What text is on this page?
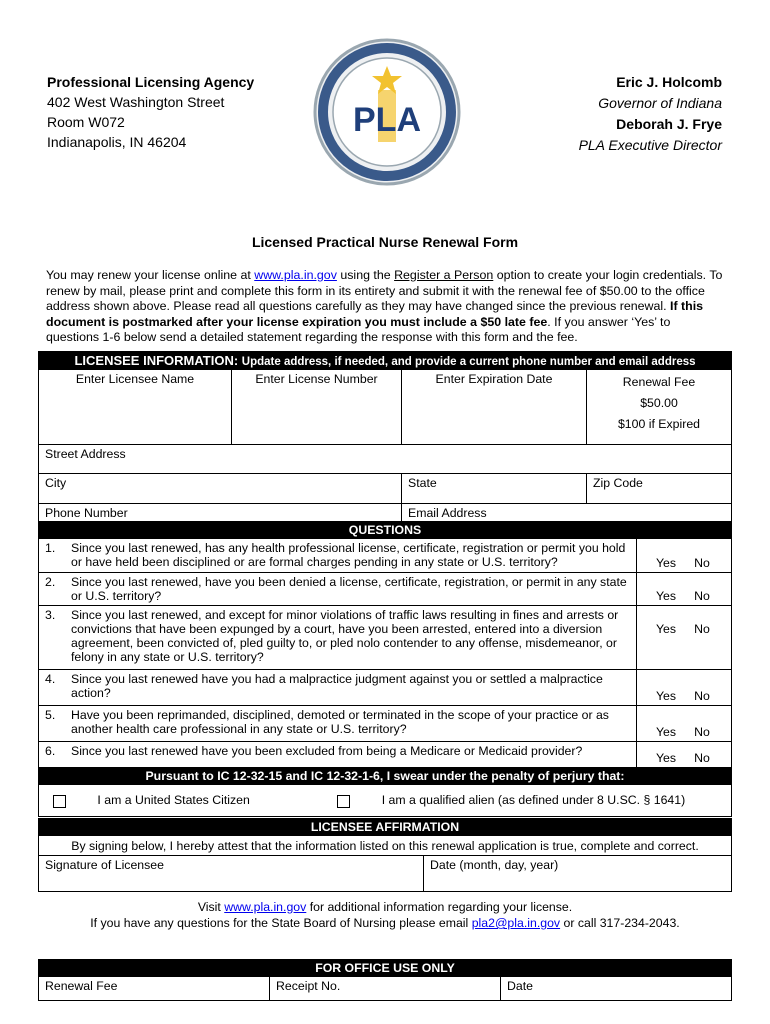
Professional Licensing Agency
402 West Washington Street
Room W072
Indianapolis, IN 46204
PLA
Eric J. Holcomb
Governor of Indiana
Deborah J. Frye
PLA Executive Director
Licensed Practical Nurse Renewal Form
You may renew your license online at www.pla.in.gov using the Register a Person option to create your login credentials. To renew by mail, please print and complete this form in its entirety and submit it with the renewal fee of $50.00 to the office address shown above. Please read all questions carefully as they may have changed since the previous renewal. If this document is postmarked after your license expiration you must include a $50 late fee. If you answer ‘Yes’ to questions 1-6 below send a detailed statement regarding the response with this form and the fee.
LICENSEE INFORMATION: Update address, if needed, and provide a current phone number and email address			
Enter Licensee Name	Enter License Number	Enter Expiration Date	Renewal Fee
$50.00
$100 if Expired

Street Address			
City		State	Zip Code
Phone Number		Email Address	
QUESTIONS		
1.	Since you last renewed, has any health professional license, certificate, registration or permit you hold or have held been disciplined or are formal charges pending in any state or U.S. territory?	Yes No
2.	Since you last renewed, have you been denied a license, certificate, registration, or permit in any state or U.S. territory?	Yes No
3.	Since you last renewed, and except for minor violations of traffic laws resulting in fines and arrests or convictions that have been expunged by a court, have you been arrested, entered into a diversion agreement, been convicted of, pled guilty to, or pled nolo contender to any offense, misdemeanor, or felony in any state or U.S. territory?	Yes No
4.	Since you last renewed have you had a malpractice judgment against you or settled a malpractice action?	Yes No
5.	Have you been reprimanded, disciplined, demoted or terminated in the scope of your practice or as another health care professional in any state or U.S. territory?	Yes No
6.	Since you last renewed have you been excluded from being a Medicare or Medicaid provider?	Yes No
Pursuant to IC 12-32-15 and IC 12-32-1-6, I swear under the penalty of perjury that:		
I am a United States Citizen I am a qualified alien (as defined under 8 U.SC. § 1641)		
LICENSEE AFFIRMATION
By signing below, I hereby attest that the information listed on this renewal application is true, complete and correct.
Signature of Licensee	Date (month, day, year)
Visit www.pla.in.gov for additional information regarding your license.
If you have any questions for the State Board of Nursing please email pla2@pla.in.gov or call 317-234-2043.
FOR OFFICE USE ONLY
Renewal Fee	Receipt No.	Date
